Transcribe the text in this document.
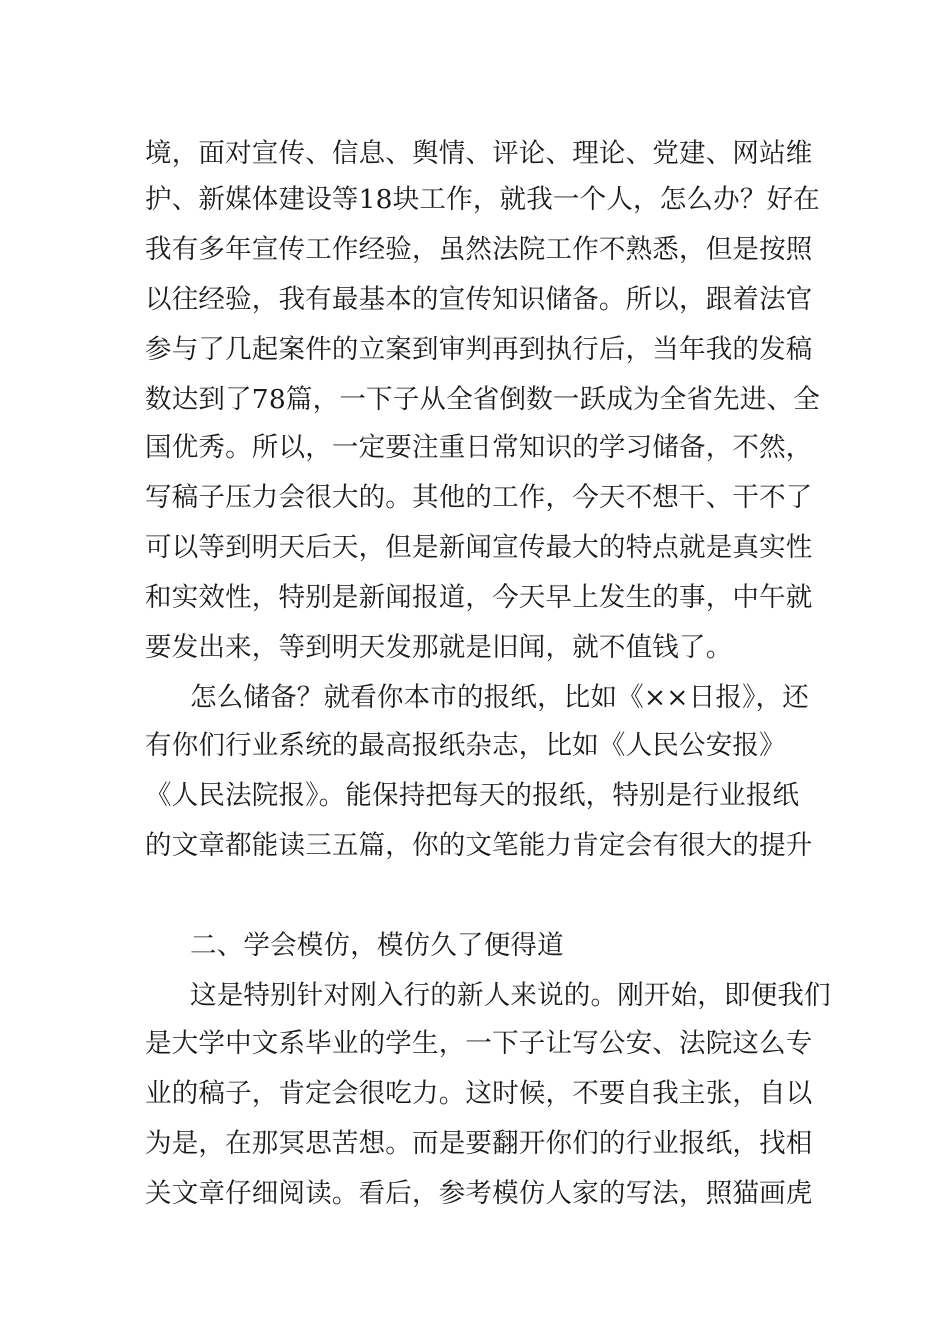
境，面对宣传、信息、舆情、评论、理论、党建、网站维
护、新媒体建设等18块工作，就我一个人，怎么办？好在
我有多年宣传工作经验，虽然法院工作不熟悉，但是按照
以往经验，我有最基本的宣传知识储备。所以，跟着法官
参与了几起案件的立案到审判再到执行后，当年我的发稿
数达到了78篇，一下子从全省倒数一跃成为全省先进、全
国优秀。所以，一定要注重日常知识的学习储备，不然，
写稿子压力会很大的。其他的工作，今天不想干、干不了
可以等到明天后天，但是新闻宣传最大的特点就是真实性
和实效性，特别是新闻报道，今天早上发生的事，中午就
要发出来，等到明天发那就是旧闻，就不值钱了。
怎么储备？就看你本市的报纸，比如《××日报》，还
有你们行业系统的最高报纸杂志，比如《人民公安报》
《人民法院报》。能保持把每天的报纸，特别是行业报纸
的文章都能读三五篇，你的文笔能力肯定会有很大的提升
二、学会模仿，模仿久了便得道
这是特别针对刚入行的新人来说的。刚开始，即便我们
是大学中文系毕业的学生，一下子让写公安、法院这么专
业的稿子，肯定会很吃力。这时候，不要自我主张，自以
为是，在那冥思苦想。而是要翻开你们的行业报纸，找相
关文章仔细阅读。看后，参考模仿人家的写法，照猫画虎
